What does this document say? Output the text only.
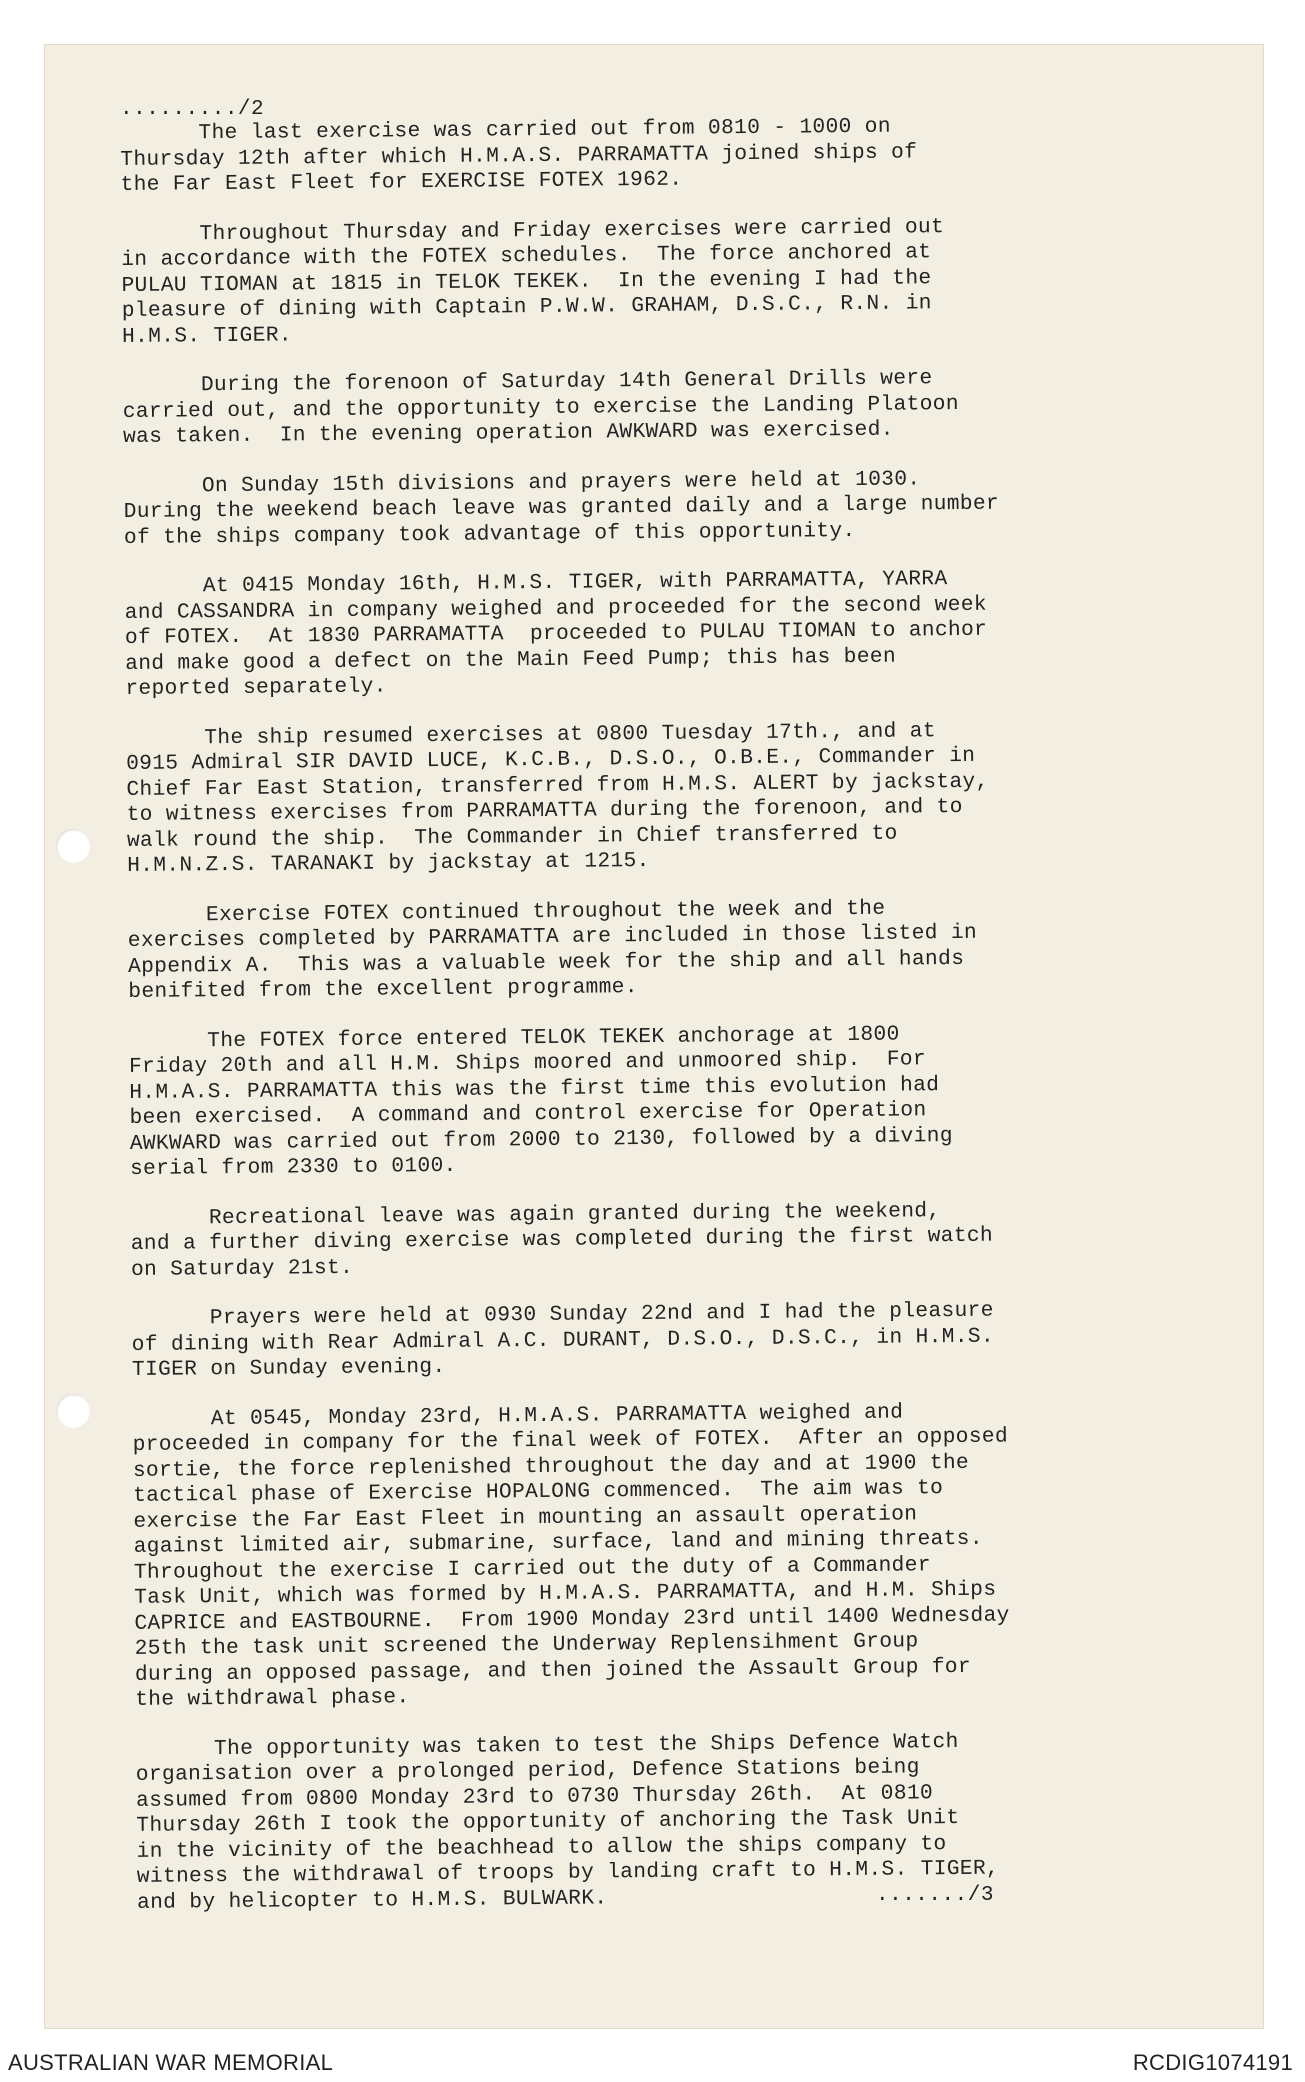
........./2

The last exercise was carried out from 0810 - 1000 on
Thursday 12th after which H.M.A.S. PARRAMATTA joined ships of
the Far East Fleet for EXERCISE FOTEX 1962.

Throughout Thursday and Friday exercises were carried out
in accordance with the FOTEX schedules.  The force anchored at
PULAU TIOMAN at 1815 in TELOK TEKEK.  In the evening I had the
pleasure of dining with Captain P.W.W. GRAHAM, D.S.C., R.N. in
H.M.S. TIGER.

During the forenoon of Saturday 14th General Drills were
carried out, and the opportunity to exercise the Landing Platoon
was taken.  In the evening operation AWKWARD was exercised.

On Sunday 15th divisions and prayers were held at 1030.
During the weekend beach leave was granted daily and a large number
of the ships company took advantage of this opportunity.

At 0415 Monday 16th, H.M.S. TIGER, with PARRAMATTA, YARRA
and CASSANDRA in company weighed and proceeded for the second week
of FOTEX.  At 1830 PARRAMATTA  proceeded to PULAU TIOMAN to anchor
and make good a defect on the Main Feed Pump; this has been
reported separately.

The ship resumed exercises at 0800 Tuesday 17th., and at
0915 Admiral SIR DAVID LUCE, K.C.B., D.S.O., O.B.E., Commander in
Chief Far East Station, transferred from H.M.S. ALERT by jackstay,
to witness exercises from PARRAMATTA during the forenoon, and to
walk round the ship.  The Commander in Chief transferred to
H.M.N.Z.S. TARANAKI by jackstay at 1215.

Exercise FOTEX continued throughout the week and the
exercises completed by PARRAMATTA are included in those listed in
Appendix A.  This was a valuable week for the ship and all hands
benifited from the excellent programme.

The FOTEX force entered TELOK TEKEK anchorage at 1800
Friday 20th and all H.M. Ships moored and unmoored ship.  For
H.M.A.S. PARRAMATTA this was the first time this evolution had
been exercised.  A command and control exercise for Operation
AWKWARD was carried out from 2000 to 2130, followed by a diving
serial from 2330 to 0100.

Recreational leave was again granted during the weekend,
and a further diving exercise was completed during the first watch
on Saturday 21st.

Prayers were held at 0930 Sunday 22nd and I had the pleasure
of dining with Rear Admiral A.C. DURANT, D.S.O., D.S.C., in H.M.S.
TIGER on Sunday evening.

At 0545, Monday 23rd, H.M.A.S. PARRAMATTA weighed and
proceeded in company for the final week of FOTEX.  After an opposed
sortie, the force replenished throughout the day and at 1900 the
tactical phase of Exercise HOPALONG commenced.  The aim was to
exercise the Far East Fleet in mounting an assault operation
against limited air, submarine, surface, land and mining threats.
Throughout the exercise I carried out the duty of a Commander
Task Unit, which was formed by H.M.A.S. PARRAMATTA, and H.M. Ships
CAPRICE and EASTBOURNE.  From 1900 Monday 23rd until 1400 Wednesday
25th the task unit screened the Underway Replensihment Group
during an opposed passage, and then joined the Assault Group for
the withdrawal phase.

The opportunity was taken to test the Ships Defence Watch
organisation over a prolonged period, Defence Stations being
assumed from 0800 Monday 23rd to 0730 Thursday 26th.  At 0810
Thursday 26th I took the opportunity of anchoring the Task Unit
in the vicinity of the beachhead to allow the ships company to
witness the withdrawal of troops by landing craft to H.M.S. TIGER,
and by helicopter to H.M.S. BULWARK.	......./3
AUSTRALIAN WAR MEMORIAL	RCDIG1074191
